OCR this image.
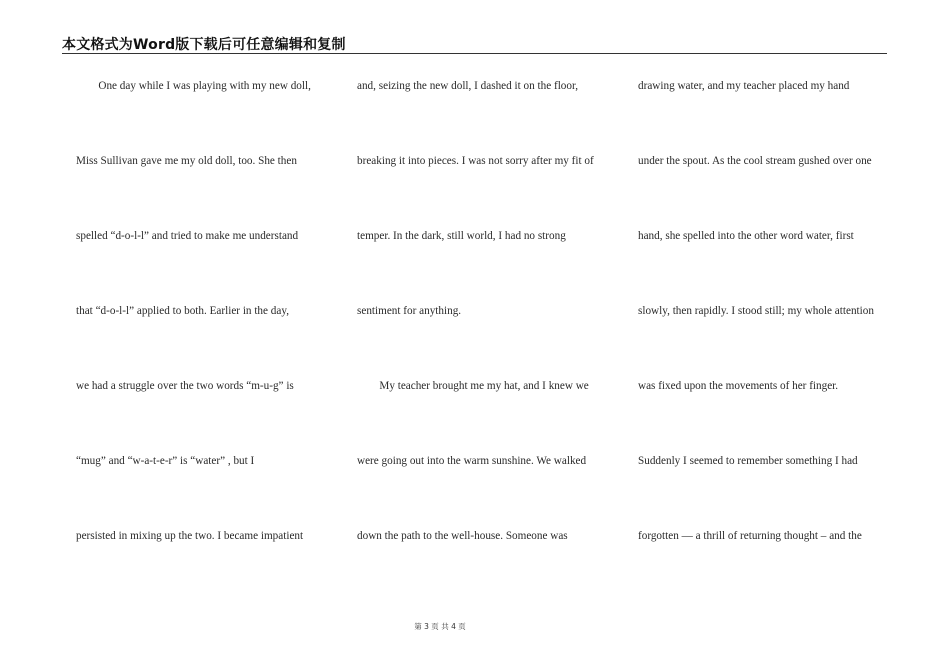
本文格式为Word版下载后可任意编辑和复制
　　One day while I was playing with my new doll,
Miss Sullivan gave me my old doll, too. She then
spelled “d-o-l-l” and tried to make me understand
that “d-o-l-l” applied to both. Earlier in the day,
we had a struggle over the two words “m-u-g” is
“mug” and “w-a-t-e-r” is “water” , but I
persisted in mixing up the two. I became impatient
and, seizing the new doll, I dashed it on the floor,
breaking it into pieces. I was not sorry after my fit of
temper. In the dark, still world, I had no strong
sentiment for anything.
　　My teacher brought me my hat, and I knew we
were going out into the warm sunshine. We walked
down the path to the well-house. Someone was
drawing water, and my teacher placed my hand
under the spout. As the cool stream gushed over one
hand, she spelled into the other word water, first
slowly, then rapidly. I stood still; my whole attention
was fixed upon the movements of her finger.
Suddenly I seemed to remember something I had
forgotten — a thrill of returning thought – and the
第 3 页 共 4 页
